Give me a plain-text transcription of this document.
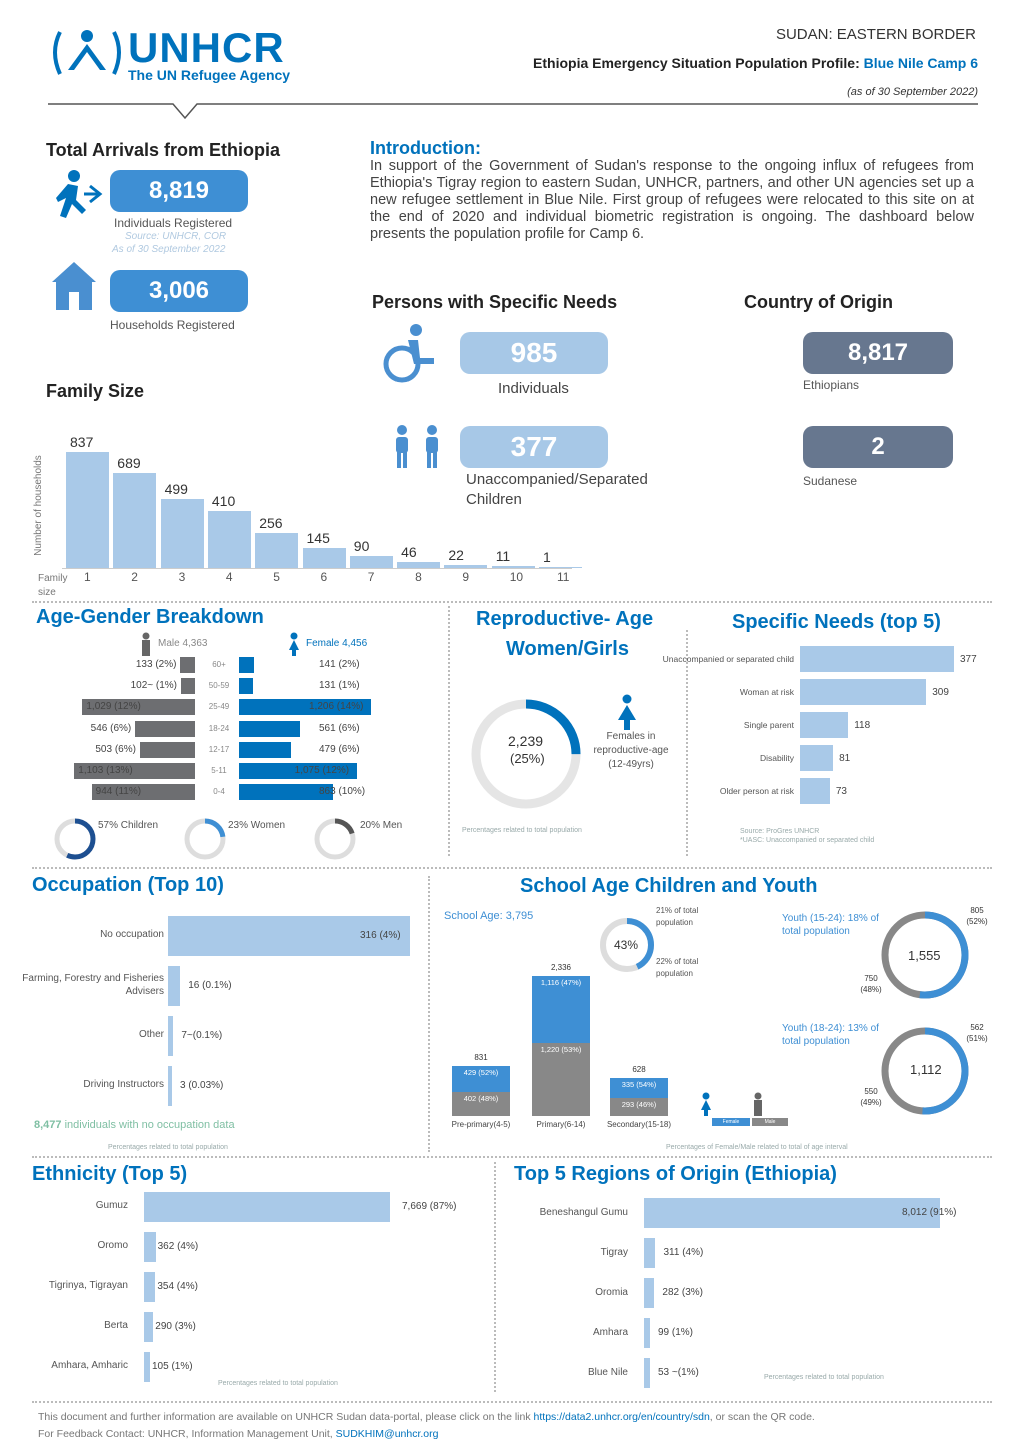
UNHCR
The UN Refugee Agency
SUDAN: EASTERN BORDER
Ethiopia Emergency Situation Population Profile: Blue Nile Camp 6
(as of 30 September 2022)
Total Arrivals from Ethiopia
8,819
Individuals Registered
Source: UNHCR, COR
As of 30 September 2022
3,006
Households Registered
Introduction:
In support of the Government of Sudan's response to the ongoing influx of refugees from Ethiopia's Tigray region to eastern Sudan, UNHCR, partners, and other UN agencies set up a new refugee settlement in Blue Nile. First group of refugees were relocated to this site on at the end of 2020 and individual biometric registration is ongoing. The dashboard below presents the population profile for Camp 6.
Persons with Specific Needs
985
Individuals
377
Unaccompanied/Separated Children
Country of Origin
8,817
Ethiopians
2
Sudanese
Family Size
Number of households
837
1
689
2
499
3
410
4
256
5
145
6
90
7
46
8
22
9
11
10
1
11
Family size
Age-Gender Breakdown
Male 4,363	Female 4,456
60+
133 (2%)	141 (2%)
50-59
102~ (1%)	131 (1%)
25-49
1,029 (12%)	1,206 (14%)
18-24
546 (6%)	561 (6%)
12-17
503 (6%)	479 (6%)
5-11
1,103 (13%)	1,075 (12%)
0-4
944 (11%)	863 (10%)
57% Children	23% Women	20% Men
Reproductive- Age
Women/Girls
2,239
(25%)
Females in reproductive-age (12-49yrs)
Percentages related to total population
Specific Needs (top 5)
Unaccompanied or separated child	377
Woman at risk	309
Single parent	118
Disability	81
Older person at risk	73
Source: ProGres UNHCR
*UASC: Unaccompanied or separated child
Occupation (Top 10)
No occupation	316 (4%)
Farming, Forestry and Fisheries Advisers
16 (0.1%)
Other 7~(0.1%)
Driving Instructors 3 (0.03%)
8,477 individuals with no occupation data
Percentages related to total population
School Age Children and Youth
School Age: 3,795
43%
21% of total population
22% of total population
429 (52%)
402 (48%)
831
Pre-primary(4-5)
1,116 (47%)
1,220 (53%)
2,336
Primary(6-14)
335 (54%)
293 (46%)
628
Secondary(15-18)	Female	Male
Youth (15-24): 18% of total population
1,555
805 (52%)
750 (48%)
Youth (18-24): 13% of total population
1,112
562 (51%)
550 (49%)
Percentages of Female/Male related to total of age interval
Ethnicity (Top 5)
Gumuz	7,669 (87%)
Oromo	362 (4%)
Tigrinya, Tigrayan	354 (4%)
Berta	290 (3%)
Amhara, Amharic 105 (1%)
Percentages related to total population
Top 5 Regions of Origin (Ethiopia)
Beneshangul Gumu	8,012 (91%)
Tigray	311 (4%)
Oromia	282 (3%)
Amhara	99 (1%)
Blue Nile	53 ~(1%)	Percentages related to total population
This document and further information are available on UNHCR Sudan data-portal, please click on the link https://data2.unhcr.org/en/country/sdn, or scan the QR code.
For Feedback Contact: UNHCR, Information Management Unit, SUDKHIM@unhcr.org
